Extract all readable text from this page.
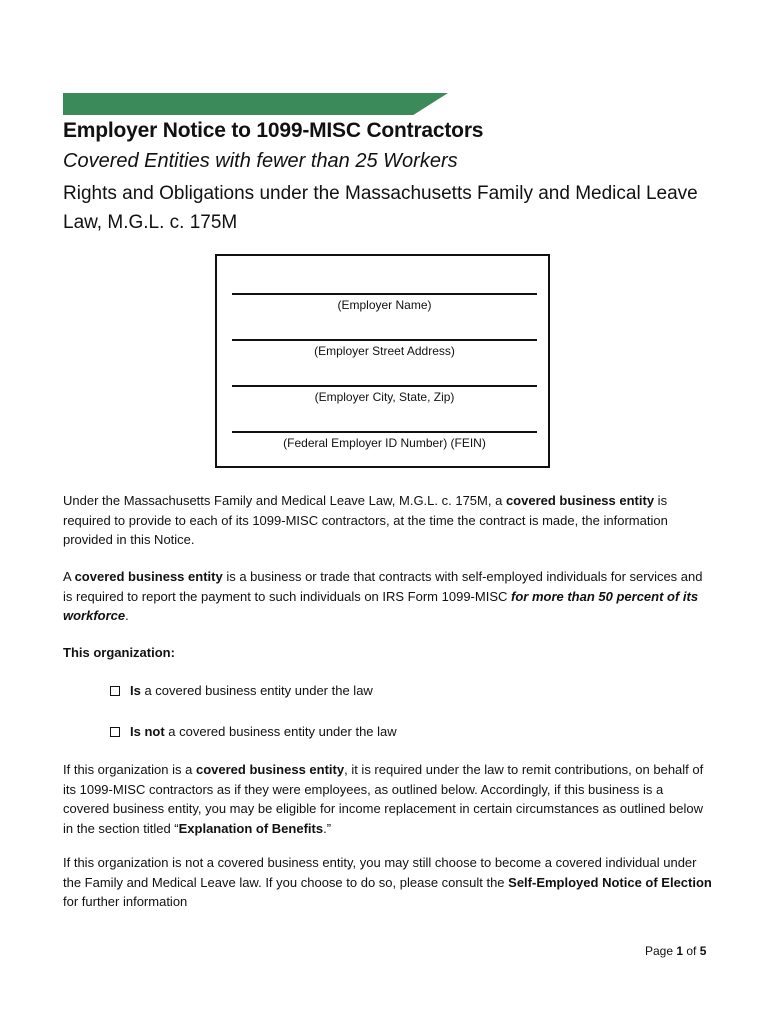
Employer Notice to 1099-MISC Contractors
Covered Entities with fewer than 25 Workers
Rights and Obligations under the Massachusetts Family and Medical Leave Law, M.G.L. c. 175M
(Employer Name)
(Employer Street Address)
(Employer City, State, Zip)
(Federal Employer ID Number) (FEIN)
Under the Massachusetts Family and Medical Leave Law, M.G.L. c. 175M, a covered business entity is required to provide to each of its 1099-MISC contractors, at the time the contract is made, the information provided in this Notice.
A covered business entity is a business or trade that contracts with self-employed individuals for services and is required to report the payment to such individuals on IRS Form 1099-MISC for more than 50 percent of its workforce.
This organization:
Is a covered business entity under the law
Is not a covered business entity under the law
If this organization is a covered business entity, it is required under the law to remit contributions, on behalf of its 1099-MISC contractors as if they were employees, as outlined below. Accordingly, if this business is a covered business entity, you may be eligible for income replacement in certain circumstances as outlined below in the section titled “Explanation of Benefits.”
If this organization is not a covered business entity, you may still choose to become a covered individual under the Family and Medical Leave law. If you choose to do so, please consult the Self-Employed Notice of Election for further information
Page 1 of 5
